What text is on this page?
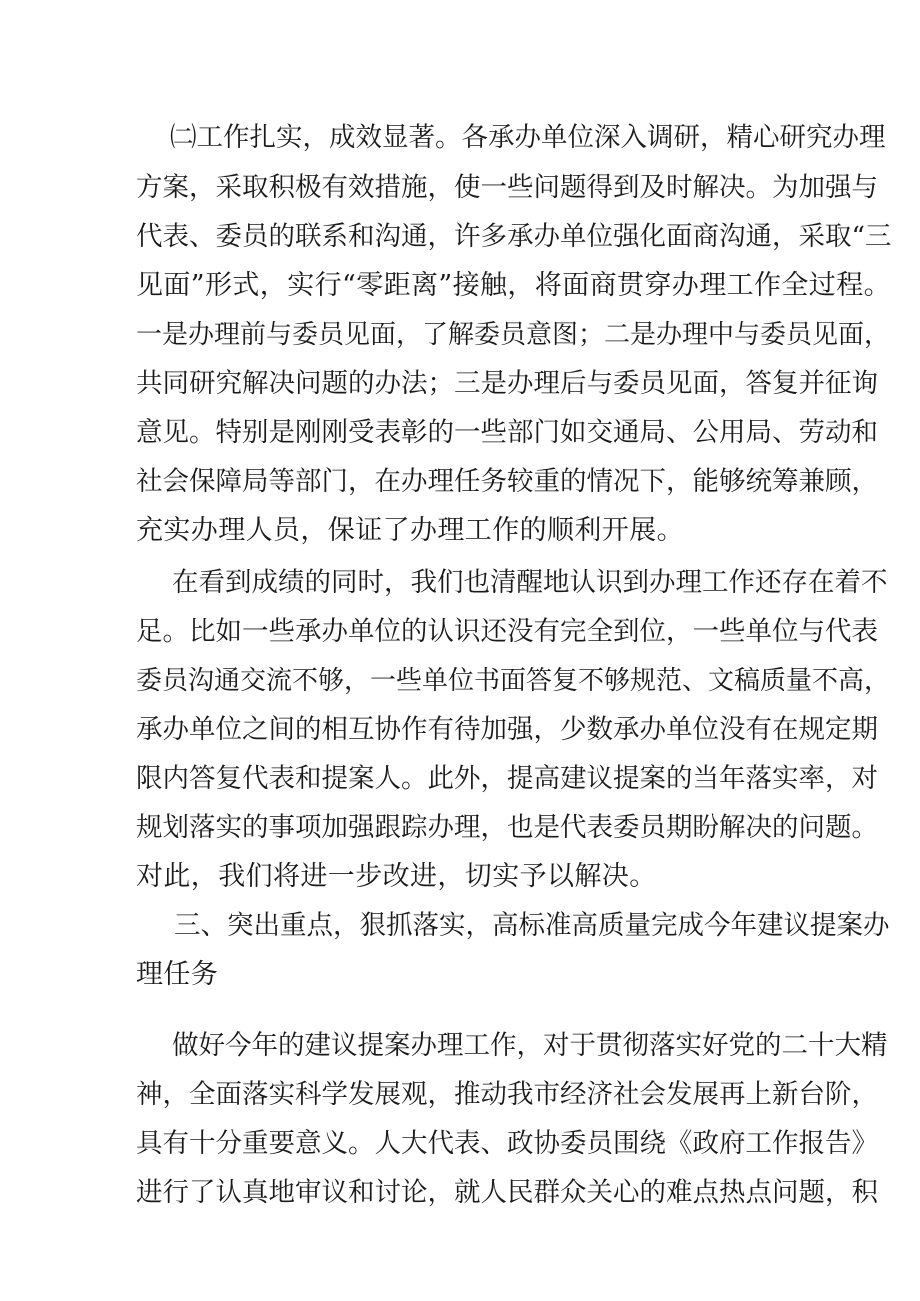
㈡工作扎实，成效显著。各承办单位深入调研，精心研究办理

方案，采取积极有效措施，使一些问题得到及时解决。为加强与

代表、委员的联系和沟通，许多承办单位强化面商沟通，采取“三

见面”形式，实行“零距离”接触，将面商贯穿办理工作全过程。

一是办理前与委员见面，了解委员意图；二是办理中与委员见面，

共同研究解决问题的办法；三是办理后与委员见面，答复并征询

意见。特别是刚刚受表彰的一些部门如交通局、公用局、劳动和

社会保障局等部门，在办理任务较重的情况下，能够统筹兼顾，

充实办理人员，保证了办理工作的顺利开展。

在看到成绩的同时，我们也清醒地认识到办理工作还存在着不

足。比如一些承办单位的认识还没有完全到位，一些单位与代表

委员沟通交流不够，一些单位书面答复不够规范、文稿质量不高，

承办单位之间的相互协作有待加强，少数承办单位没有在规定期

限内答复代表和提案人。此外，提高建议提案的当年落实率，对

规划落实的事项加强跟踪办理，也是代表委员期盼解决的问题。

对此，我们将进一步改进，切实予以解决。

三、突出重点，狠抓落实，高标准高质量完成今年建议提案办

理任务

做好今年的建议提案办理工作，对于贯彻落实好党的二十大精

神，全面落实科学发展观，推动我市经济社会发展再上新台阶，

具有十分重要意义。人大代表、政协委员围绕《政府工作报告》

进行了认真地审议和讨论，就人民群众关心的难点热点问题，积
